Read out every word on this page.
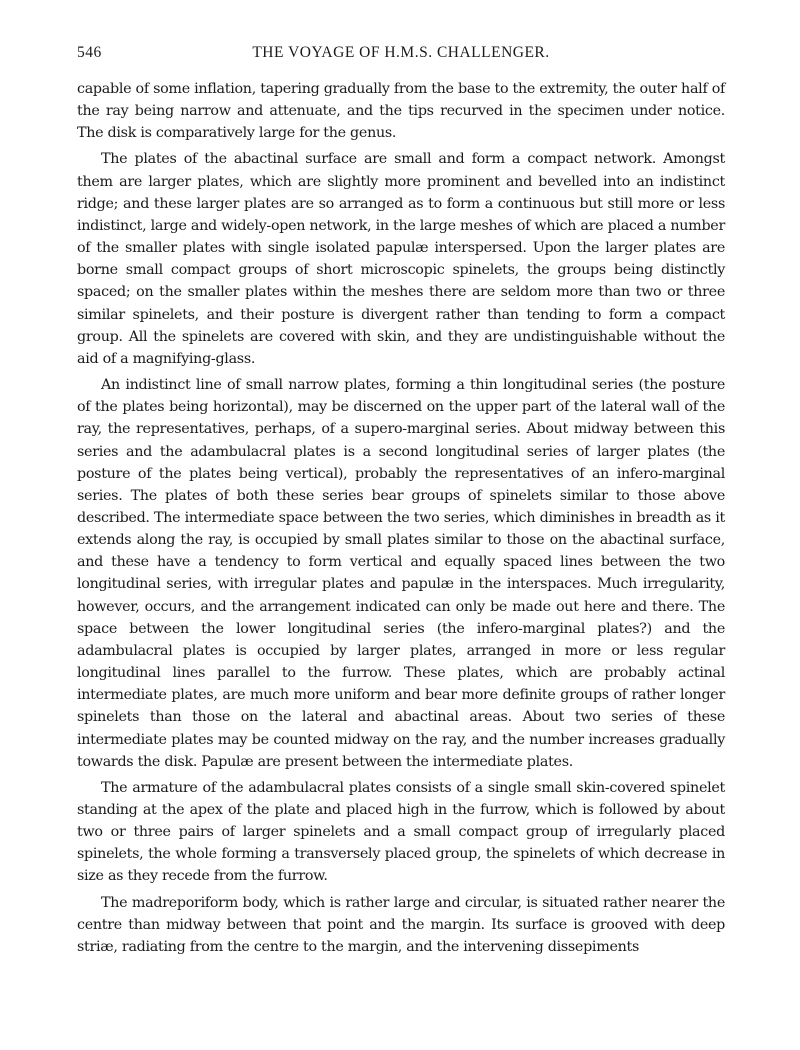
546	THE VOYAGE OF H.M.S. CHALLENGER.

capable of some inflation, tapering gradually from the base to the extremity, the outer half of the ray being narrow and attenuate, and the tips recurved in the specimen under notice. The disk is comparatively large for the genus.

The plates of the abactinal surface are small and form a compact network. Amongst them are larger plates, which are slightly more prominent and bevelled into an indistinct ridge; and these larger plates are so arranged as to form a continuous but still more or less indistinct, large and widely-open network, in the large meshes of which are placed a number of the smaller plates with single isolated papulæ interspersed. Upon the larger plates are borne small compact groups of short microscopic spinelets, the groups being distinctly spaced; on the smaller plates within the meshes there are seldom more than two or three similar spinelets, and their posture is divergent rather than tending to form a compact group. All the spinelets are covered with skin, and they are undistinguishable without the aid of a magnifying-glass.

An indistinct line of small narrow plates, forming a thin longitudinal series (the posture of the plates being horizontal), may be discerned on the upper part of the lateral wall of the ray, the representatives, perhaps, of a supero-marginal series. About midway between this series and the adambulacral plates is a second longitudinal series of larger plates (the posture of the plates being vertical), probably the representatives of an infero-marginal series. The plates of both these series bear groups of spinelets similar to those above described. The intermediate space between the two series, which diminishes in breadth as it extends along the ray, is occupied by small plates similar to those on the abactinal surface, and these have a tendency to form vertical and equally spaced lines between the two longitudinal series, with irregular plates and papulæ in the interspaces. Much irregularity, however, occurs, and the arrangement indicated can only be made out here and there. The space between the lower longitudinal series (the infero-marginal plates?) and the adambulacral plates is occupied by larger plates, arranged in more or less regular longitudinal lines parallel to the furrow. These plates, which are probably actinal intermediate plates, are much more uniform and bear more definite groups of rather longer spinelets than those on the lateral and abactinal areas. About two series of these intermediate plates may be counted midway on the ray, and the number increases gradually towards the disk. Papulæ are present between the intermediate plates.

The armature of the adambulacral plates consists of a single small skin-covered spinelet standing at the apex of the plate and placed high in the furrow, which is followed by about two or three pairs of larger spinelets and a small compact group of irregularly placed spinelets, the whole forming a transversely placed group, the spinelets of which decrease in size as they recede from the furrow.

The madreporiform body, which is rather large and circular, is situated rather nearer the centre than midway between that point and the margin. Its surface is grooved with deep striæ, radiating from the centre to the margin, and the intervening dissepiments
